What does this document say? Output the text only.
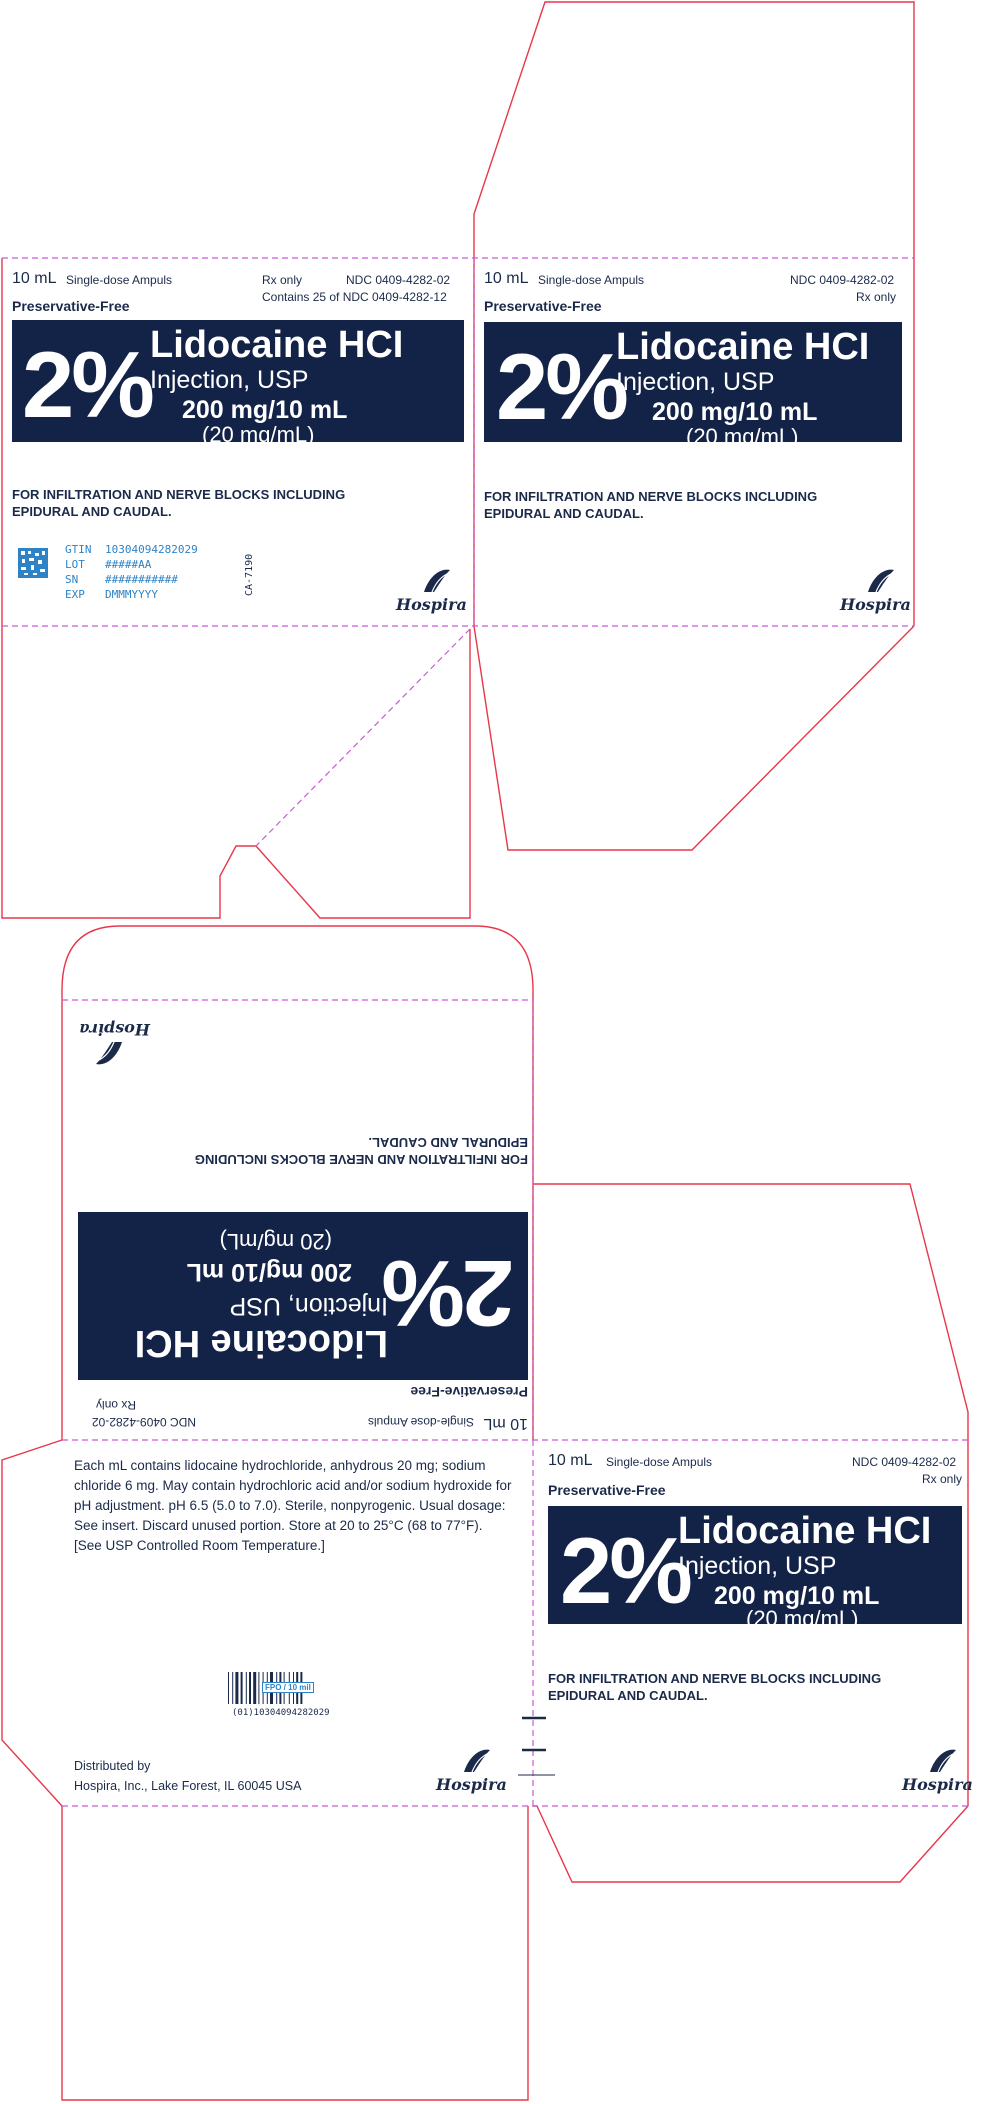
10 mL Single-dose Ampuls	Rx only	NDC 0409-4282-02
Contains 25 of NDC 0409-4282-12
Preservative-Free
2%
Lidocaine HCI
Injection, USP
200 mg/10 mL
(20 mg/mL)
FOR INFILTRATION AND NERVE BLOCKS INCLUDING
EPIDURAL AND CAUDAL.
GTIN 10304094282029
LOT #####AA
SN ###########
EXP DMMMYYYY	CA-7190
Hospira
10 mL Single-dose Ampuls	NDC 0409-4282-02
Rx only
Preservative-Free
2%
Lidocaine HCI
Injection, USP
200 mg/10 mL
(20 mg/mL)
FOR INFILTRATION AND NERVE BLOCKS INCLUDING
EPIDURAL AND CAUDAL.
Hospira
10 mL
Single-dose Ampuls
NDC 0409-4282-02
Rx only
Preservative-Free
2%
Lidocaine HCI
Injection, USP
200 mg/10 mL
(20 mg/mL)
FOR INFILTRATION AND NERVE BLOCKS INCLUDING
EPIDURAL AND CAUDAL.
Hospira
Each mL contains lidocaine hydrochloride, anhydrous 20 mg; sodium chloride 6 mg. May contain hydrochloric acid and/or sodium hydroxide for pH adjustment. pH 6.5 (5.0 to 7.0). Sterile, nonpyrogenic. Usual dosage: See insert. Discard unused portion. Store at 20 to 25°C (68 to 77°F). [See USP Controlled Room Temperature.]
FPO / 10 mil
(01)10304094282029
Distributed by
Hospira, Inc., Lake Forest, IL 60045 USA	Hospira
10 mL Single-dose Ampuls	NDC 0409-4282-02
Rx only
Preservative-Free
2%
Lidocaine HCI
Injection, USP
200 mg/10 mL
(20 mg/mL)
FOR INFILTRATION AND NERVE BLOCKS INCLUDING
EPIDURAL AND CAUDAL.
Hospira
